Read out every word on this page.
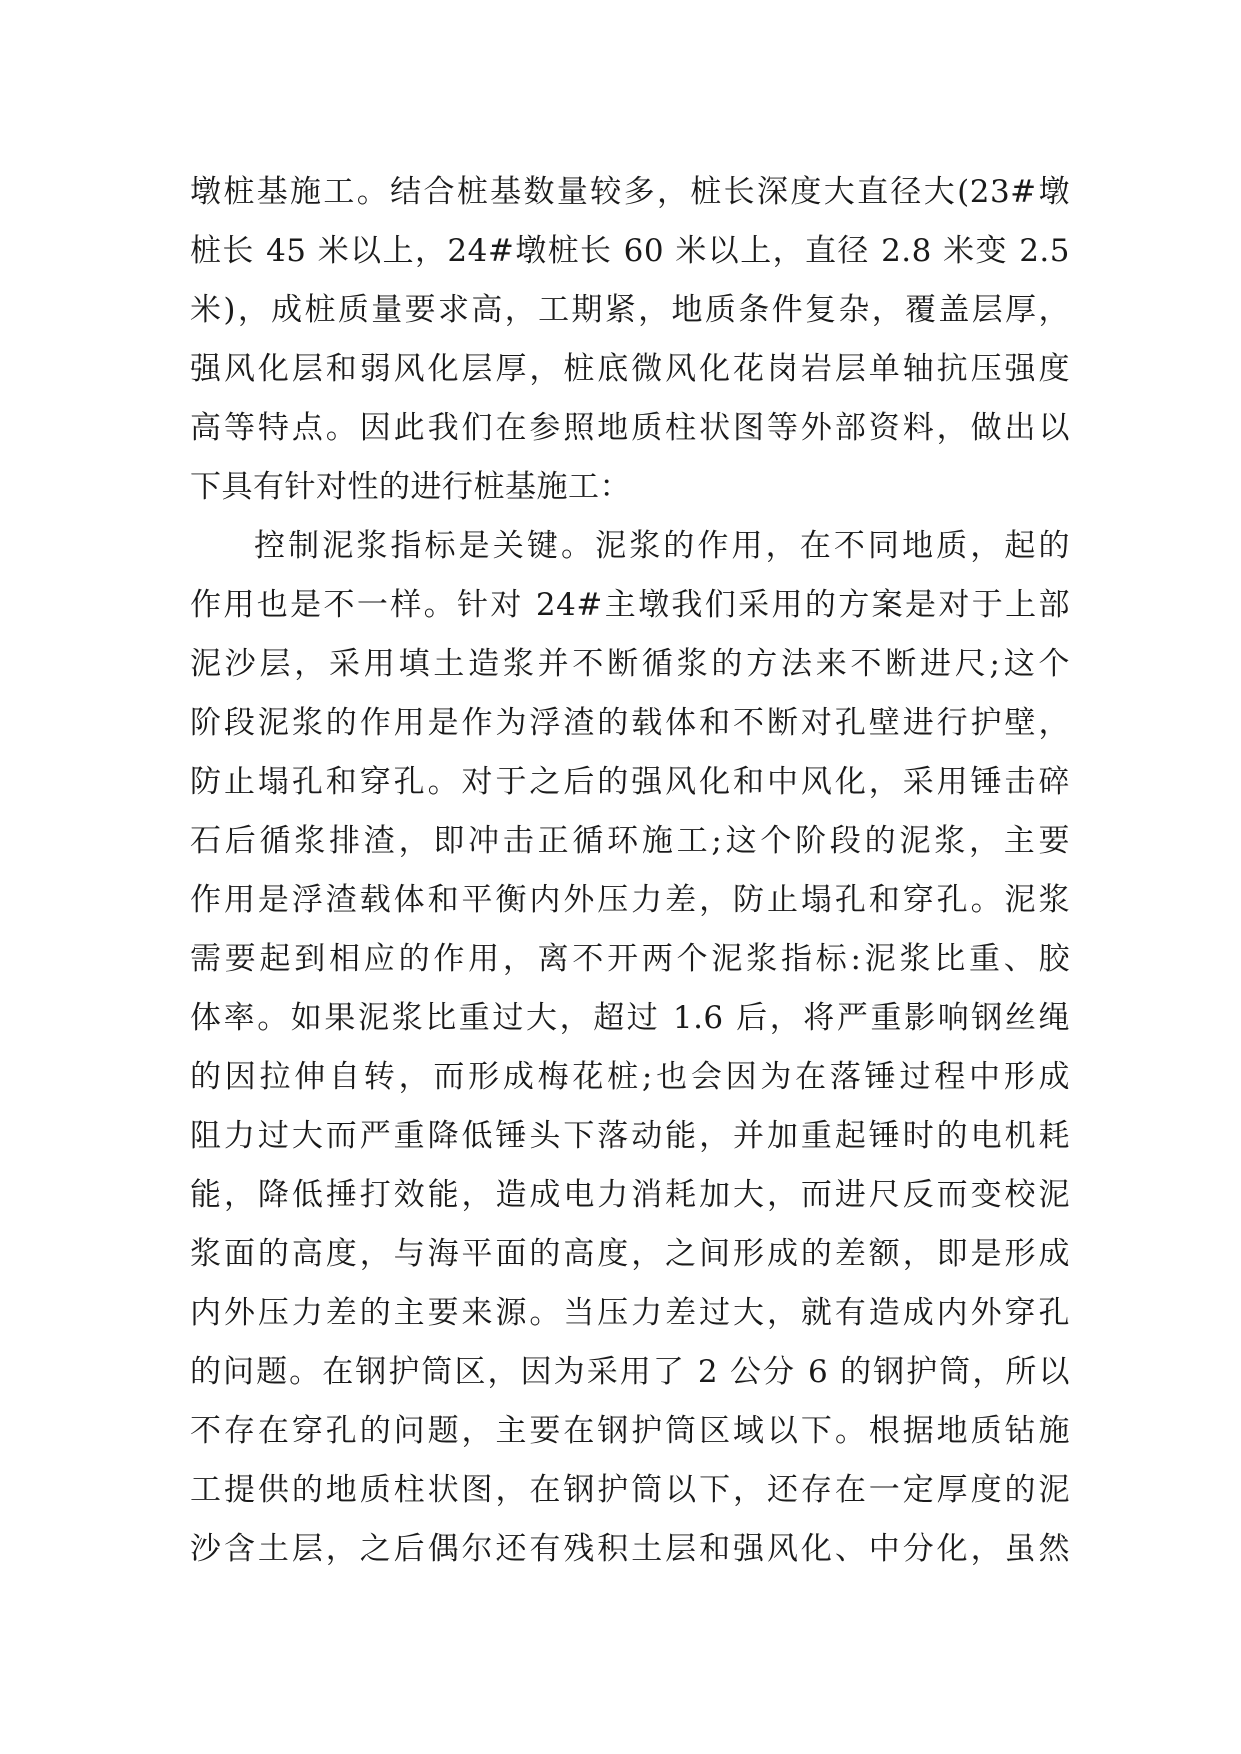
墩桩基施工。结合桩基数量较多，桩长深度大直径大(23#墩
桩长 45 米以上，24#墩桩长 60 米以上，直径 2.8 米变 2.5
米)，成桩质量要求高，工期紧，地质条件复杂，覆盖层厚，
强风化层和弱风化层厚，桩底微风化花岗岩层单轴抗压强度
高等特点。因此我们在参照地质柱状图等外部资料，做出以
下具有针对性的进行桩基施工：
控制泥浆指标是关键。泥浆的作用，在不同地质，起的
作用也是不一样。针对 24#主墩我们采用的方案是对于上部
泥沙层，采用填土造浆并不断循浆的方法来不断进尺;这个
阶段泥浆的作用是作为浮渣的载体和不断对孔壁进行护壁，
防止塌孔和穿孔。对于之后的强风化和中风化，采用锤击碎
石后循浆排渣，即冲击正循环施工;这个阶段的泥浆，主要
作用是浮渣载体和平衡内外压力差，防止塌孔和穿孔。泥浆
需要起到相应的作用，离不开两个泥浆指标:泥浆比重、胶
体率。如果泥浆比重过大，超过 1.6 后，将严重影响钢丝绳
的因拉伸自转，而形成梅花桩;也会因为在落锤过程中形成
阻力过大而严重降低锤头下落动能，并加重起锤时的电机耗
能，降低捶打效能，造成电力消耗加大，而进尺反而变校泥
浆面的高度，与海平面的高度，之间形成的差额，即是形成
内外压力差的主要来源。当压力差过大，就有造成内外穿孔
的问题。在钢护筒区，因为采用了 2 公分 6 的钢护筒，所以
不存在穿孔的问题，主要在钢护筒区域以下。根据地质钻施
工提供的地质柱状图，在钢护筒以下，还存在一定厚度的泥
沙含土层，之后偶尔还有残积土层和强风化、中分化，虽然
